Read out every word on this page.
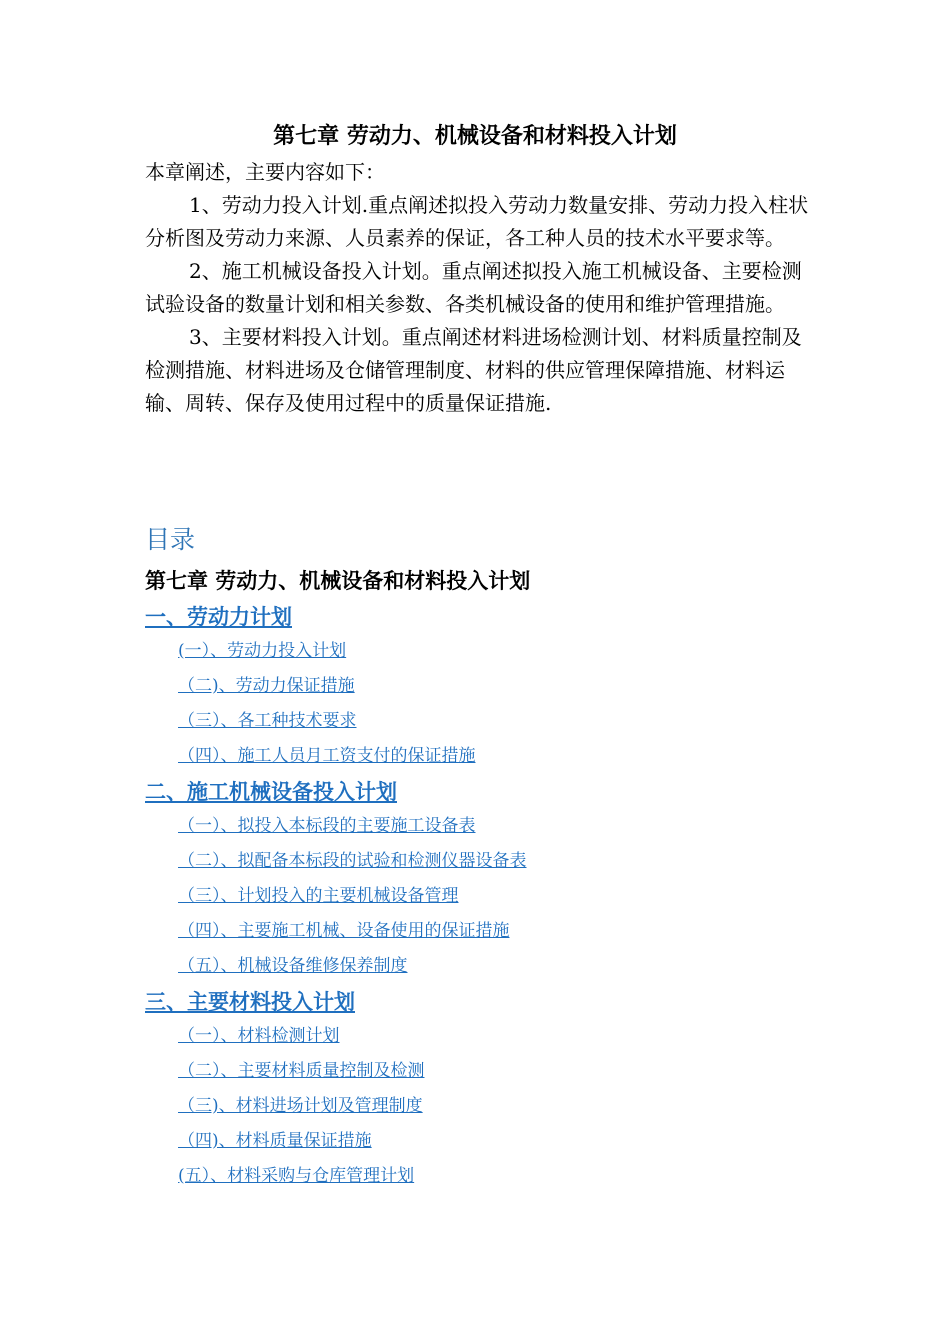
第七章 劳动力、机械设备和材料投入计划

本章阐述，主要内容如下：

1、劳动力投入计划.重点阐述拟投入劳动力数量安排、劳动力投入柱状分析图及劳动力来源、人员素养的保证，各工种人员的技术水平要求等。

2、施工机械设备投入计划。重点阐述拟投入施工机械设备、主要检测试验设备的数量计划和相关参数、各类机械设备的使用和维护管理措施。

3、主要材料投入计划。重点阐述材料进场检测计划、材料质量控制及检测措施、材料进场及仓储管理制度、材料的供应管理保障措施、材料运输、周转、保存及使用过程中的质量保证措施.

目录
第七章 劳动力、机械设备和材料投入计划
一、劳动力计划
(一）、劳动力投入计划
（二)、劳动力保证措施
（三）、各工种技术要求
（四）、施工人员月工资支付的保证措施
二、施工机械设备投入计划
（一）、拟投入本标段的主要施工设备表
（二）、拟配备本标段的试验和检测仪器设备表
（三）、计划投入的主要机械设备管理
（四）、主要施工机械、设备使用的保证措施
（五）、机械设备维修保养制度
三、主要材料投入计划
（一）、材料检测计划
（二）、主要材料质量控制及检测
（三)、材料进场计划及管理制度
（四)、材料质量保证措施
(五）、材料采购与仓库管理计划
